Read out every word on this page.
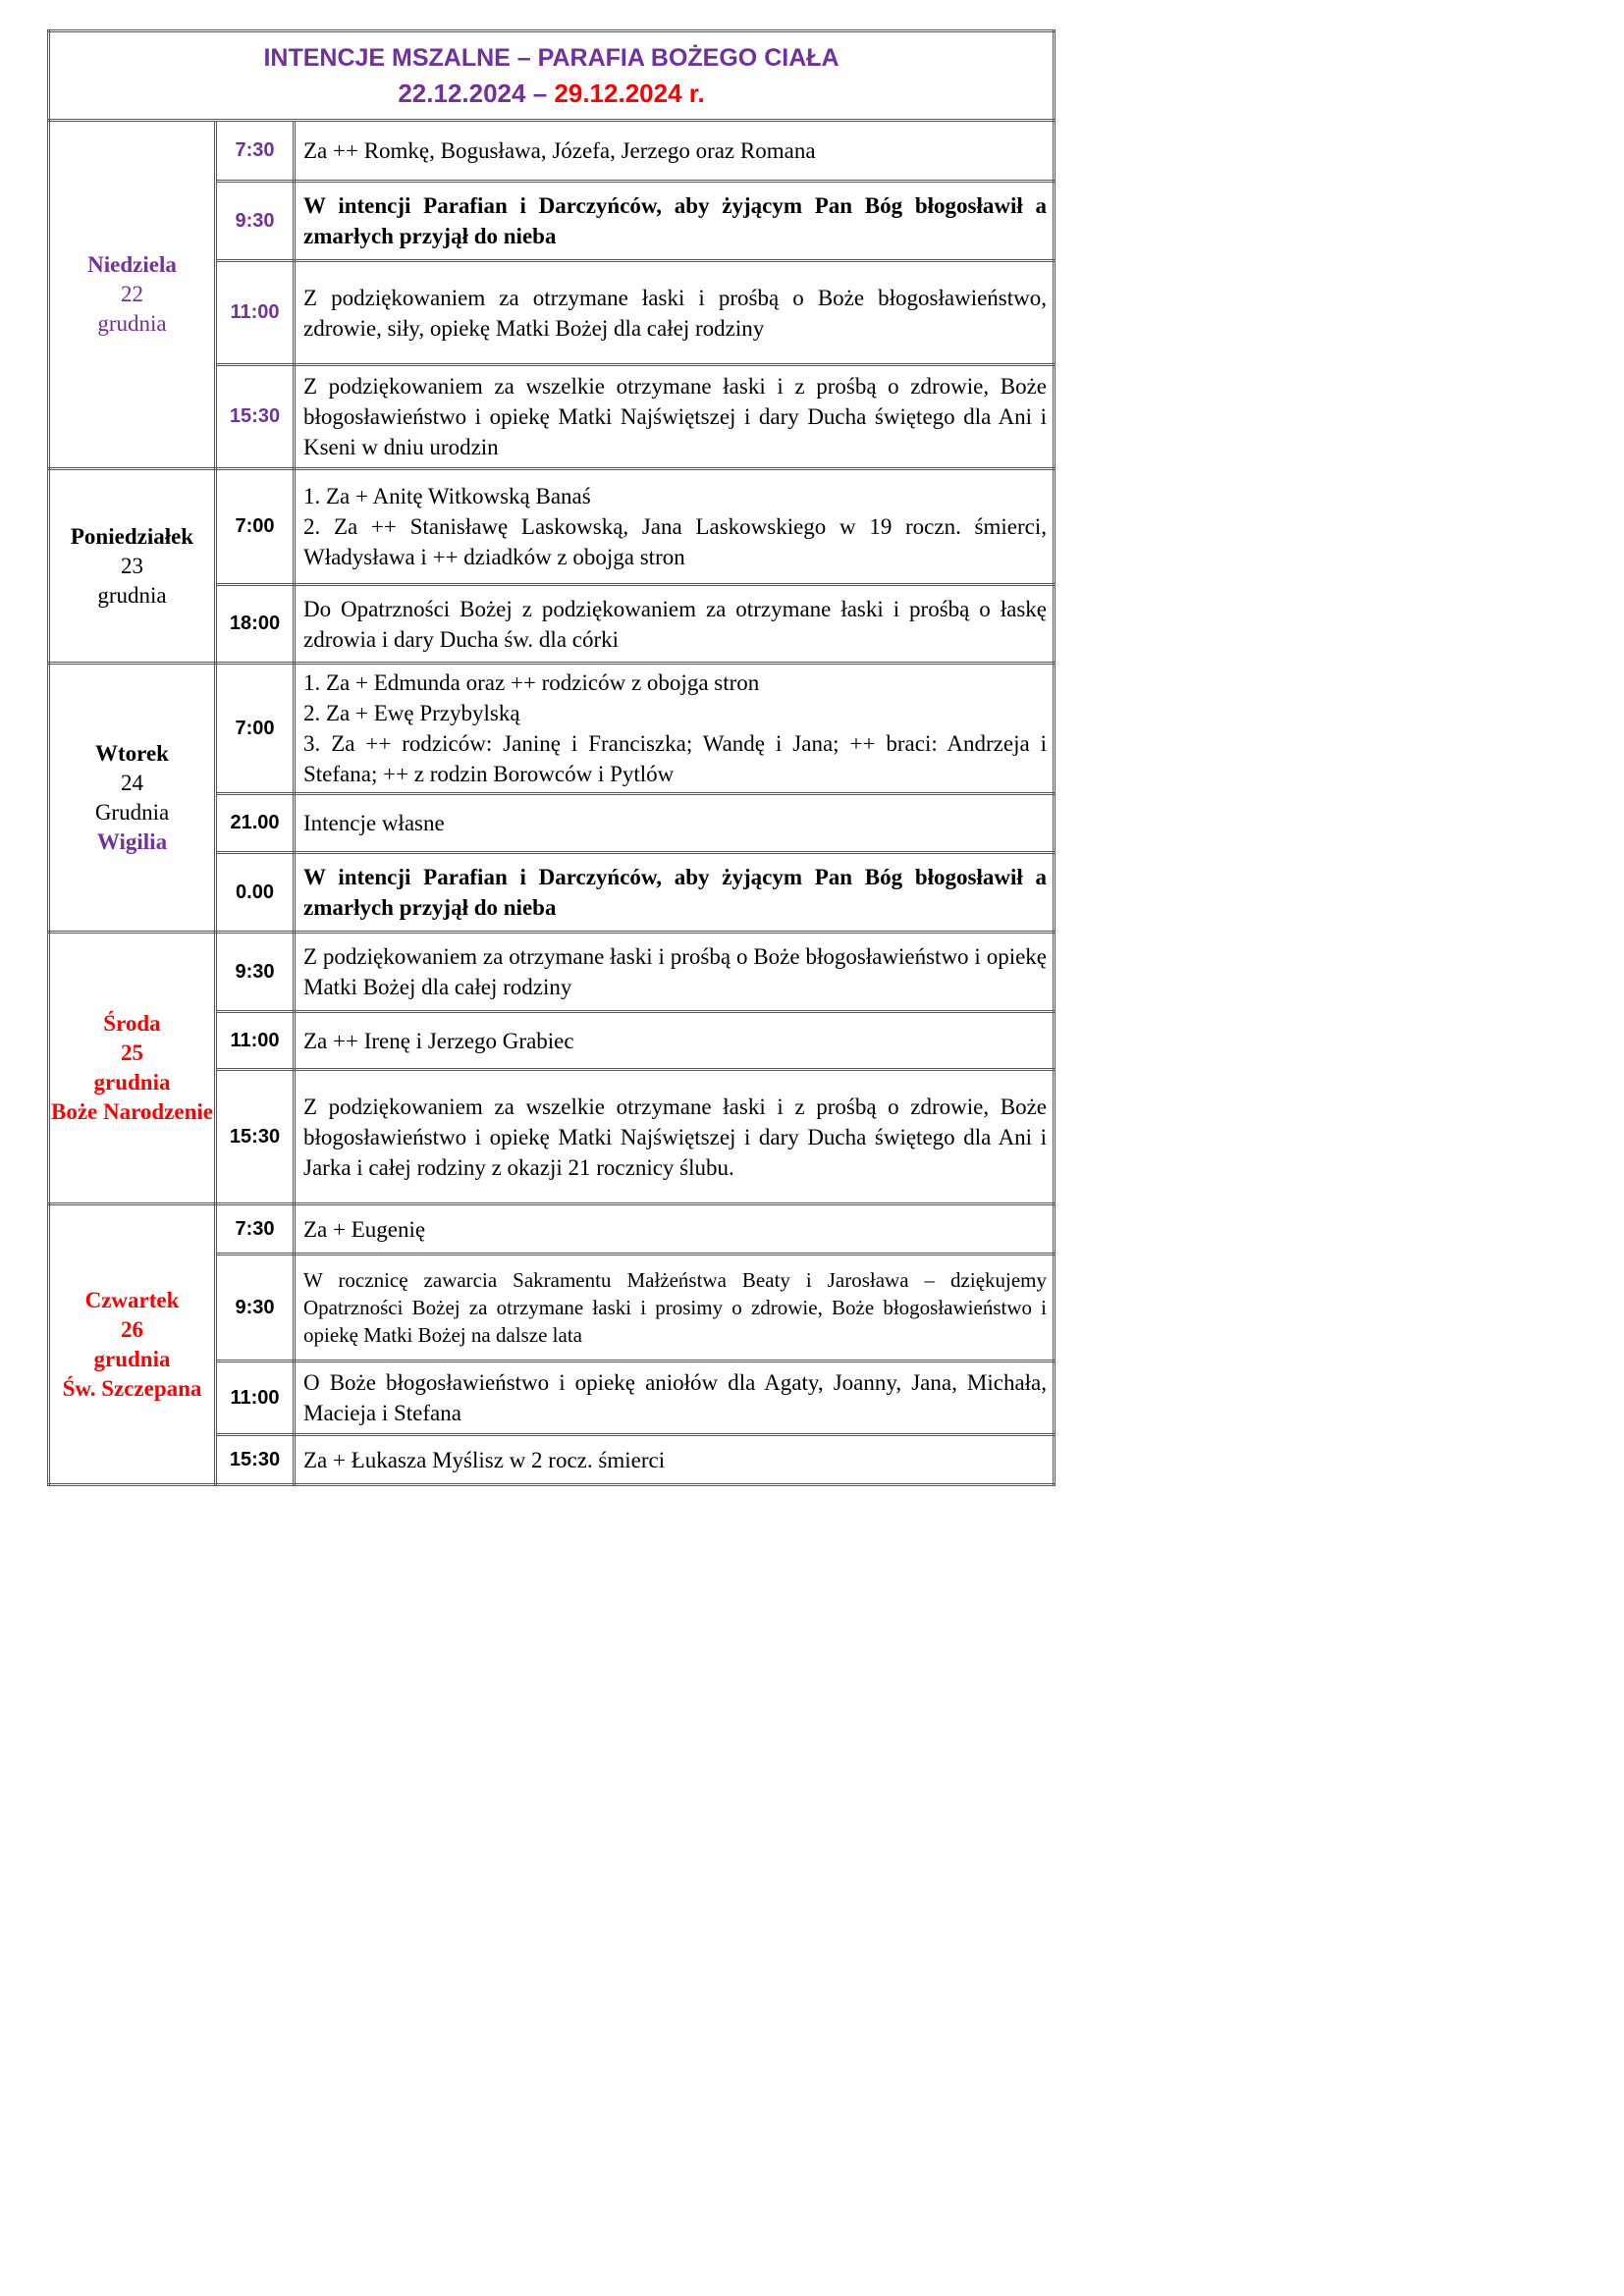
INTENCJE MSZALNE – PARAFIA BOŻEGO CIAŁA
22.12.2024 – 29.12.2024 r.		

Niedziela
22
grudnia	7:30	Za ++ Romkę, Bogusława, Józefa, Jerzego oraz Romana
	9:30	W intencji Parafian i Darczyńców, aby żyjącym Pan Bóg błogosławił a zmarłych przyjął do nieba
	11:00	Z podziękowaniem za otrzymane łaski i prośbą o Boże błogosławieństwo, zdrowie, siły, opiekę Matki Bożej dla całej rodziny
	15:30	Z podziękowaniem za wszelkie otrzymane łaski i z prośbą o zdrowie, Boże błogosławieństwo i opiekę Matki Najświętszej i dary Ducha świętego dla Ani i Kseni w dniu urodzin

Poniedziałek
23
grudnia	7:00	1. Za + Anitę Witkowską Banaś
2. Za ++ Stanisławę Laskowską, Jana Laskowskiego w 19 roczn. śmierci, Władysława i ++ dziadków z obojga stron

	18:00	Do Opatrzności Bożej z podziękowaniem za otrzymane łaski i prośbą o łaskę zdrowia i dary Ducha św. dla córki

Wtorek
24
Grudnia
Wigilia	7:00	1. Za + Edmunda oraz ++ rodziców z obojga stron
2. Za + Ewę Przybylską
3. Za ++ rodziców: Janinę i Franciszka; Wandę i Jana; ++ braci: Andrzeja i Stefana; ++ z rodzin Borowców i Pytlów

	21.00	Intencje własne
	0.00	W intencji Parafian i Darczyńców, aby żyjącym Pan Bóg błogosławił a zmarłych przyjął do nieba

Środa
25
grudnia
Boże Narodzenie	9:30	Z podziękowaniem za otrzymane łaski i prośbą o Boże błogosławieństwo i opiekę Matki Bożej dla całej rodziny
	11:00	Za ++ Irenę i Jerzego Grabiec
	15:30	Z podziękowaniem za wszelkie otrzymane łaski i z prośbą o zdrowie, Boże błogosławieństwo i opiekę Matki Najświętszej i dary Ducha świętego dla Ani i Jarka i całej rodziny z okazji 21 rocznicy ślubu.

Czwartek
26
grudnia
Św. Szczepana	7:30	Za + Eugenię
	9:30	W rocznicę zawarcia Sakramentu Małżeństwa Beaty i Jarosława – dziękujemy Opatrzności Bożej za otrzymane łaski i prosimy o zdrowie, Boże błogosławieństwo i opiekę Matki Bożej na dalsze lata
	11:00	O Boże błogosławieństwo i opiekę aniołów dla Agaty, Joanny, Jana, Michała, Macieja i Stefana
	15:30	Za + Łukasza Myślisz w 2 rocz. śmierci
